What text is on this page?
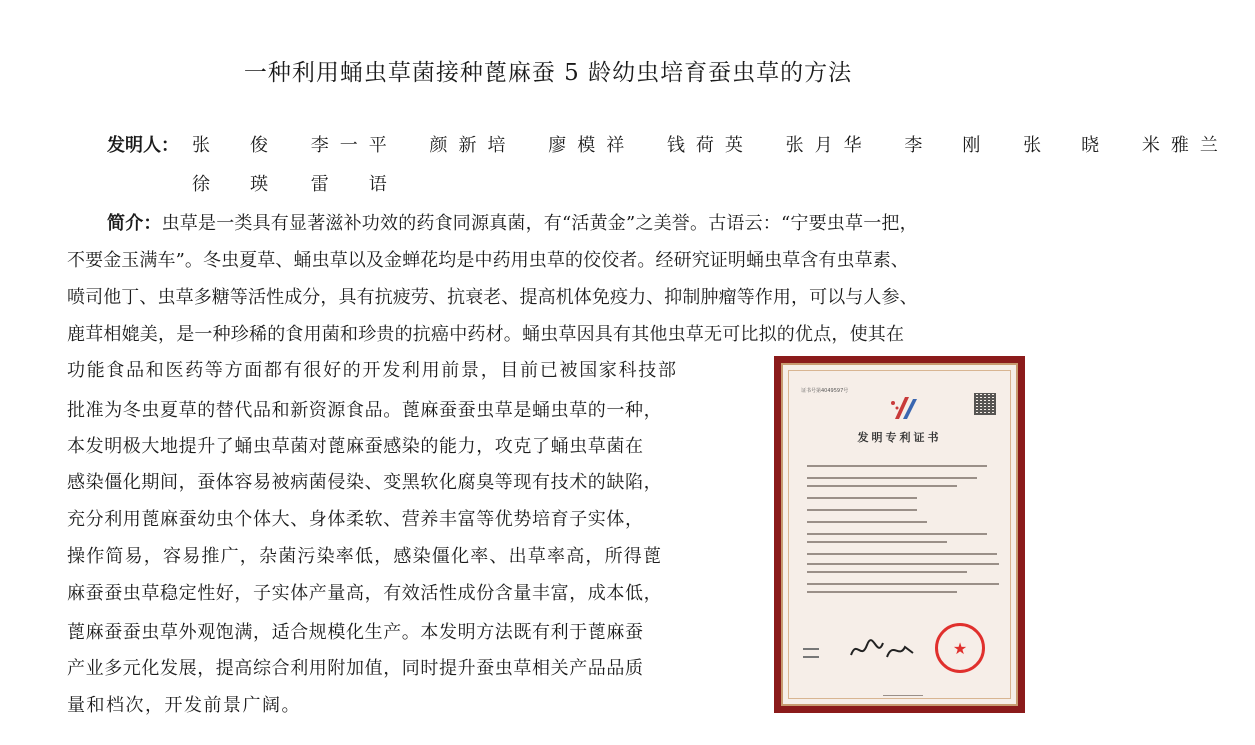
一种利用蛹虫草菌接种蓖麻蚕 5 龄幼虫培育蚕虫草的方法
发明人： 张　俊 李一平 颜新培 廖模祥 钱荷英 张月华 李　刚 张　晓 米雅兰
徐　瑛 雷　语
简介：虫草是一类具有显著滋补功效的药食同源真菌，有“活黄金”之美誉。古语云：“宁要虫草一把，
不要金玉满车”。冬虫夏草、蛹虫草以及金蝉花均是中药用虫草的佼佼者。经研究证明蛹虫草含有虫草素、
喷司他丁、虫草多糖等活性成分，具有抗疲劳、抗衰老、提高机体免疫力、抑制肿瘤等作用，可以与人参、
鹿茸相媲美，是一种珍稀的食用菌和珍贵的抗癌中药材。蛹虫草因具有其他虫草无可比拟的优点，使其在
功能食品和医药等方面都有很好的开发利用前景，目前已被国家科技部
批准为冬虫夏草的替代品和新资源食品。蓖麻蚕蚕虫草是蛹虫草的一种，
本发明极大地提升了蛹虫草菌对蓖麻蚕感染的能力，攻克了蛹虫草菌在
感染僵化期间，蚕体容易被病菌侵染、变黑软化腐臭等现有技术的缺陷，
充分利用蓖麻蚕幼虫个体大、身体柔软、营养丰富等优势培育子实体，
操作简易，容易推广，杂菌污染率低，感染僵化率、出草率高，所得蓖
麻蚕蚕虫草稳定性好，子实体产量高，有效活性成份含量丰富，成本低，
蓖麻蚕蚕虫草外观饱满，适合规模化生产。本发明方法既有利于蓖麻蚕
产业多元化发展，提高综合利用附加值，同时提升蚕虫草相关产品品质
量和档次，开发前景广阔。
证书号第4049597号
发明专利证书

★
